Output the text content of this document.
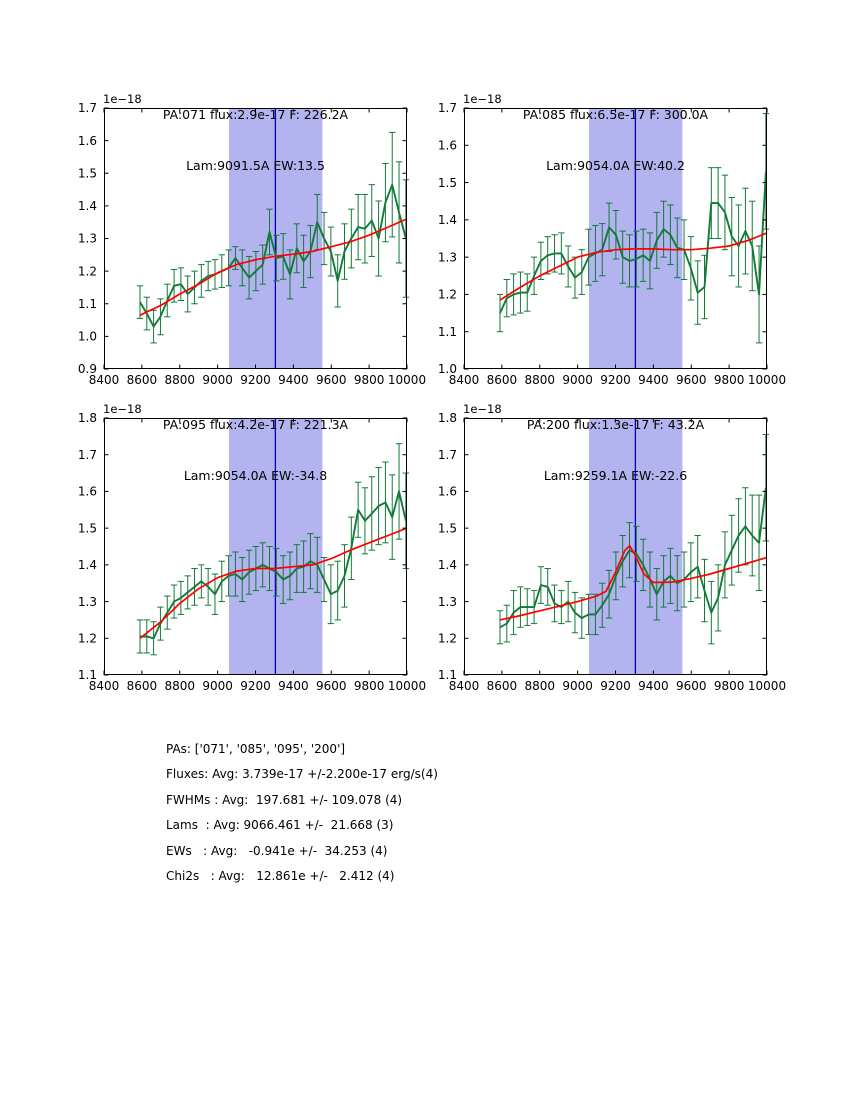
8400 8600 8800 9000 9200 9400 9600 9800 10000
0.9
1.0
1.1
1.2
1.3
1.4
1.5
1.6
1.7
8400 8600 8800 9000 9200 9400 9600 9800 10000
1.0
1.1
1.2
1.3
1.4
1.5
1.6
1.7
8400 8600 8800 9000 9200 9400 9600 9800 10000
1.1
1.2
1.3
1.4
1.5
1.6
1.7
1.8
8400 8600 8800 9000 9200 9400 9600 9800 10000
1.1
1.2
1.3
1.4
1.5
1.6
1.7
1.8

PA:071 flux:2.9e-17 F: 226.2A

Lam:9091.5A EW:13.5

PA:085 flux:6.5e-17 F: 300.0A

Lam:9054.0A EW:40.2

PA:095 flux:4.2e-17 F: 221.3A

Lam:9054.0A EW:-34.8

PA:200 flux:1.3e-17 F: 43.2A

Lam:9259.1A EW:-22.6

1e−18	1e−18
1e−18	1e−18
PAs: ['071', '085', '095', '200']
Fluxes: Avg: 3.739e-17 +/-2.200e-17 erg/s(4)
FWHMs : Avg:  197.681 +/- 109.078 (4)
Lams  : Avg: 9066.461 +/-  21.668 (3)
EWs   : Avg:   -0.941e +/-  34.253 (4)
Chi2s   : Avg:   12.861e +/-   2.412 (4)
